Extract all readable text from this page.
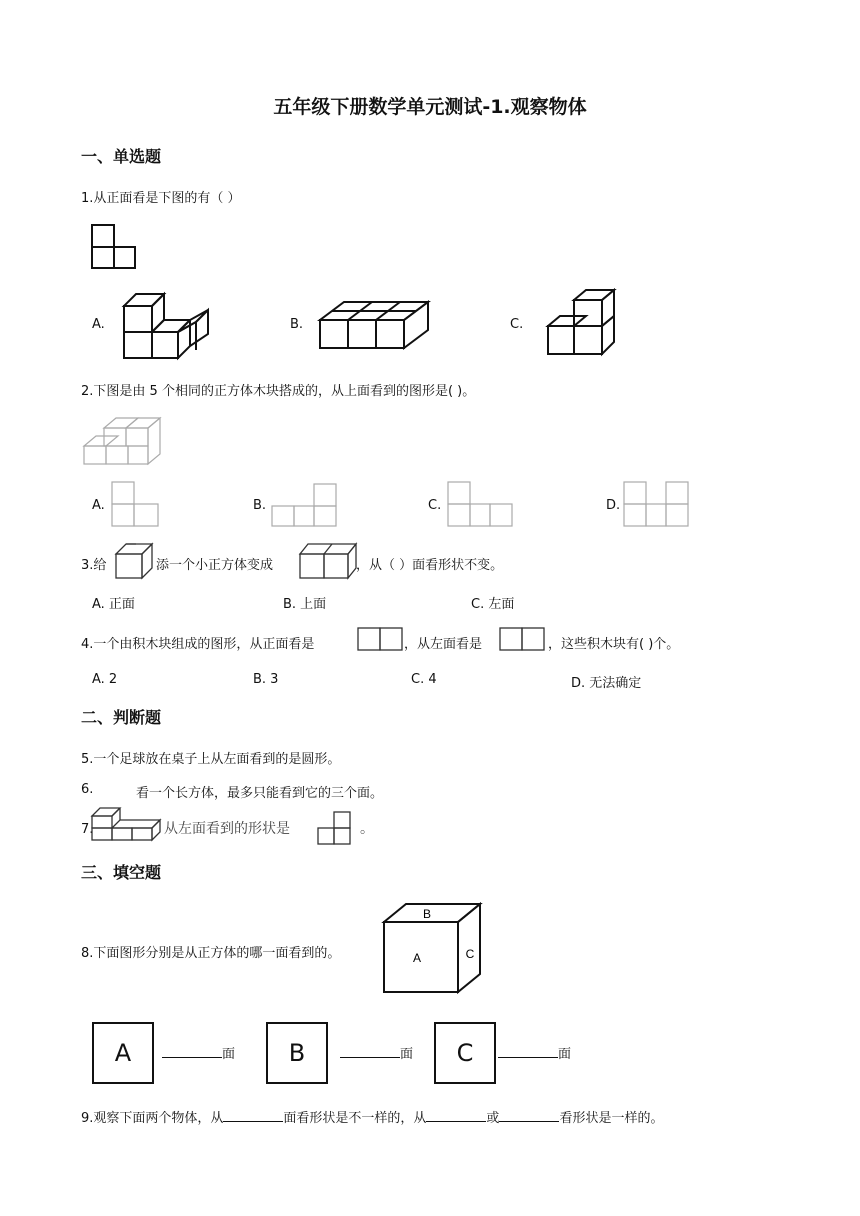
五年级下册数学单元测试-1.观察物体
一、单选题
1.从正面看是下图的有（ ）
A.	B.	C.
2.下图是由 5 个相同的正方体木块搭成的，从上面看到的图形是( )。
A.	B.	C.	D.
3.给	添一个小正方体变成	，从（ ）面看形状不变。
A. 正面	B. 上面	C. 左面
4.一个由积木块组成的图形，从正面看是	，从左面看是	，这些积木块有( )个。
A. 2	B. 3	C. 4	D. 无法确定
二、判断题
5.一个足球放在桌子上从左面看到的是圆形。
6.	看一个长方体，最多只能看到它的三个面。
7.	从左面看到的形状是	。
三、填空题
8.下面图形分别是从正方体的哪一面看到的。
B
A	C
A	面	B	面	C	面
9.观察下面两个物体，从	面看形状是不一样的，从	或	看形状是一样的。
